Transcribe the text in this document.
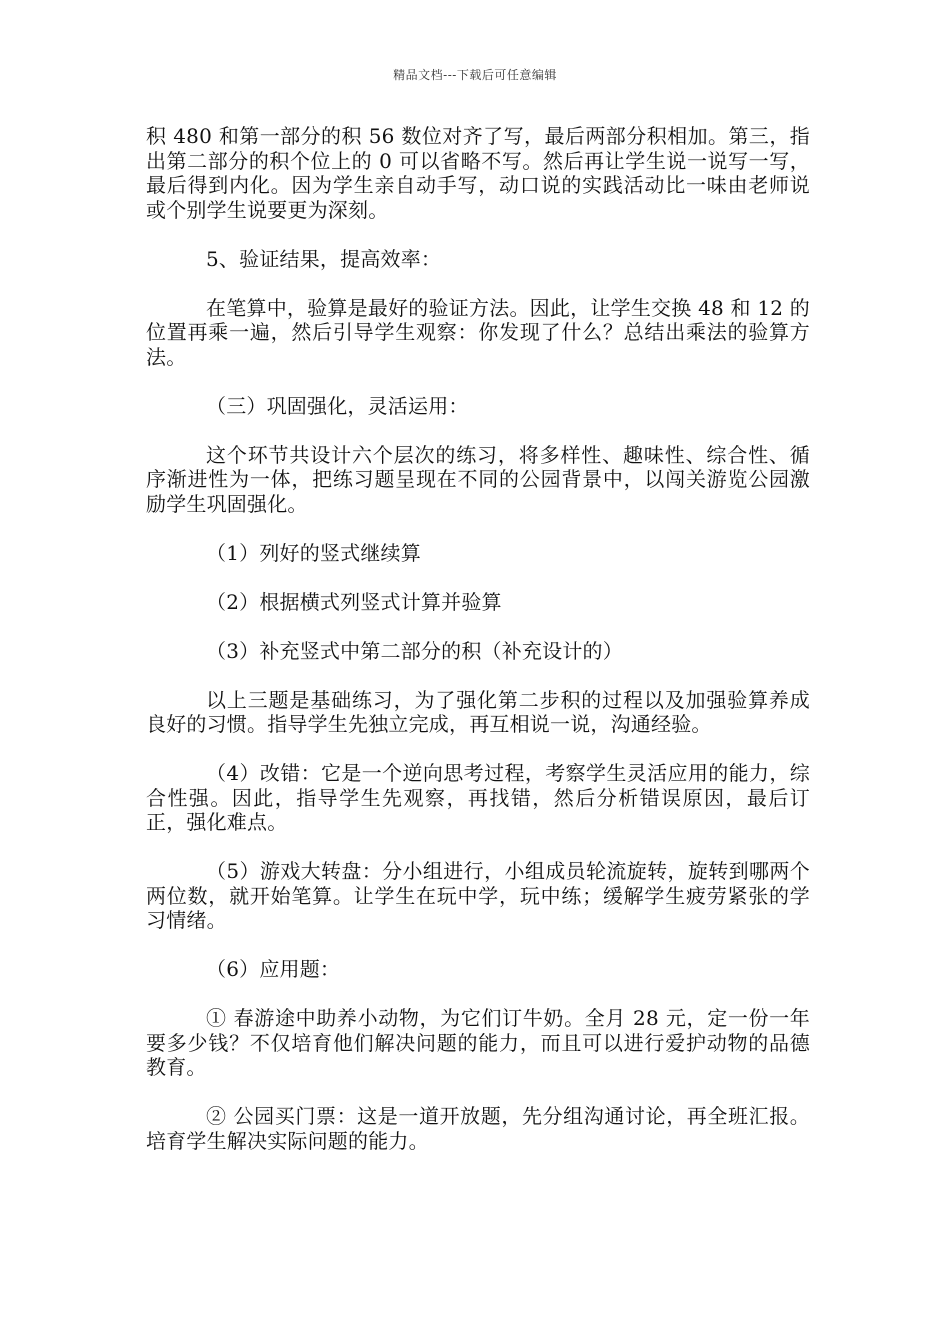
精品文档---下载后可任意编辑

积 480 和第一部分的积 56 数位对齐了写，最后两部分积相加。第三，指出第二部分的积个位上的 0 可以省略不写。然后再让学生说一说写一写，最后得到内化。因为学生亲自动手写，动口说的实践活动比一味由老师说或个别学生说要更为深刻。

5、验证结果，提高效率：

在笔算中，验算是最好的验证方法。因此，让学生交换 48 和 12 的位置再乘一遍，然后引导学生观察：你发现了什么？总结出乘法的验算方法。

（三）巩固强化，灵活运用：

这个环节共设计六个层次的练习，将多样性、趣味性、综合性、循序渐进性为一体，把练习题呈现在不同的公园背景中，以闯关游览公园激励学生巩固强化。

（1）列好的竖式继续算

（2）根据横式列竖式计算并验算

（3）补充竖式中第二部分的积（补充设计的）

以上三题是基础练习，为了强化第二步积的过程以及加强验算养成良好的习惯。指导学生先独立完成，再互相说一说，沟通经验。

（4）改错：它是一个逆向思考过程，考察学生灵活应用的能力，综合性强。因此，指导学生先观察，再找错，然后分析错误原因，最后订正，强化难点。

（5）游戏大转盘：分小组进行，小组成员轮流旋转，旋转到哪两个两位数，就开始笔算。让学生在玩中学，玩中练；缓解学生疲劳紧张的学习情绪。

（6）应用题：

① 春游途中助养小动物，为它们订牛奶。全月 28 元，定一份一年要多少钱？不仅培育他们解决问题的能力，而且可以进行爱护动物的品德教育。

② 公园买门票：这是一道开放题，先分组沟通讨论，再全班汇报。培育学生解决实际问题的能力。
